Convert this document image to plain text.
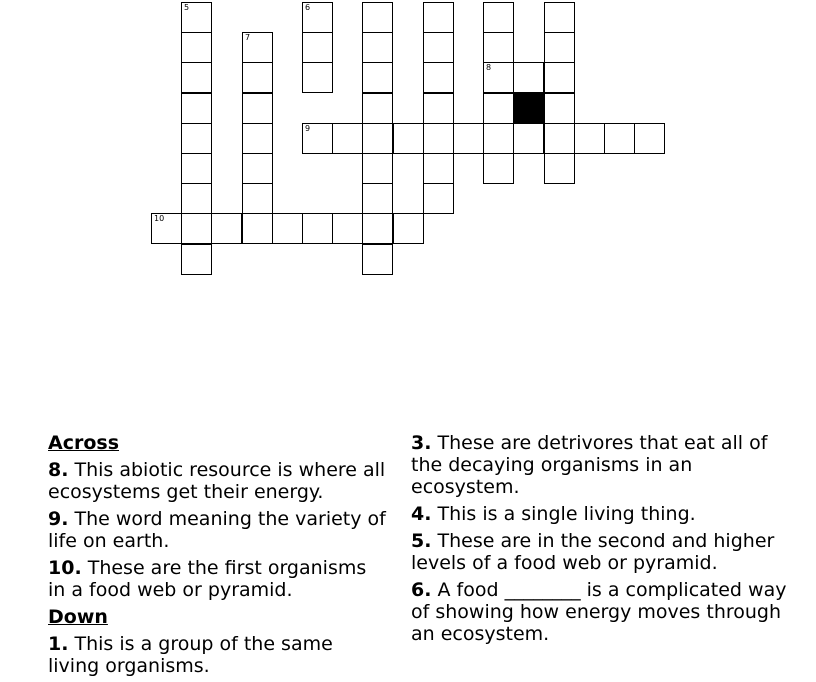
5
7
6
8
9
10
Across
8. This abiotic resource is where all ecosystems get their energy.
9. The word meaning the variety of life on earth.
10. These are the first organisms in a food web or pyramid.
Down
1. This is a group of the same living organisms.
3. These are detrivores that eat all of the decaying organisms in an ecosystem.
4. This is a single living thing.
5. These are in the second and higher levels of a food web or pyramid.
6. A food ________ is a complicated way of showing how energy moves through an ecosystem.
